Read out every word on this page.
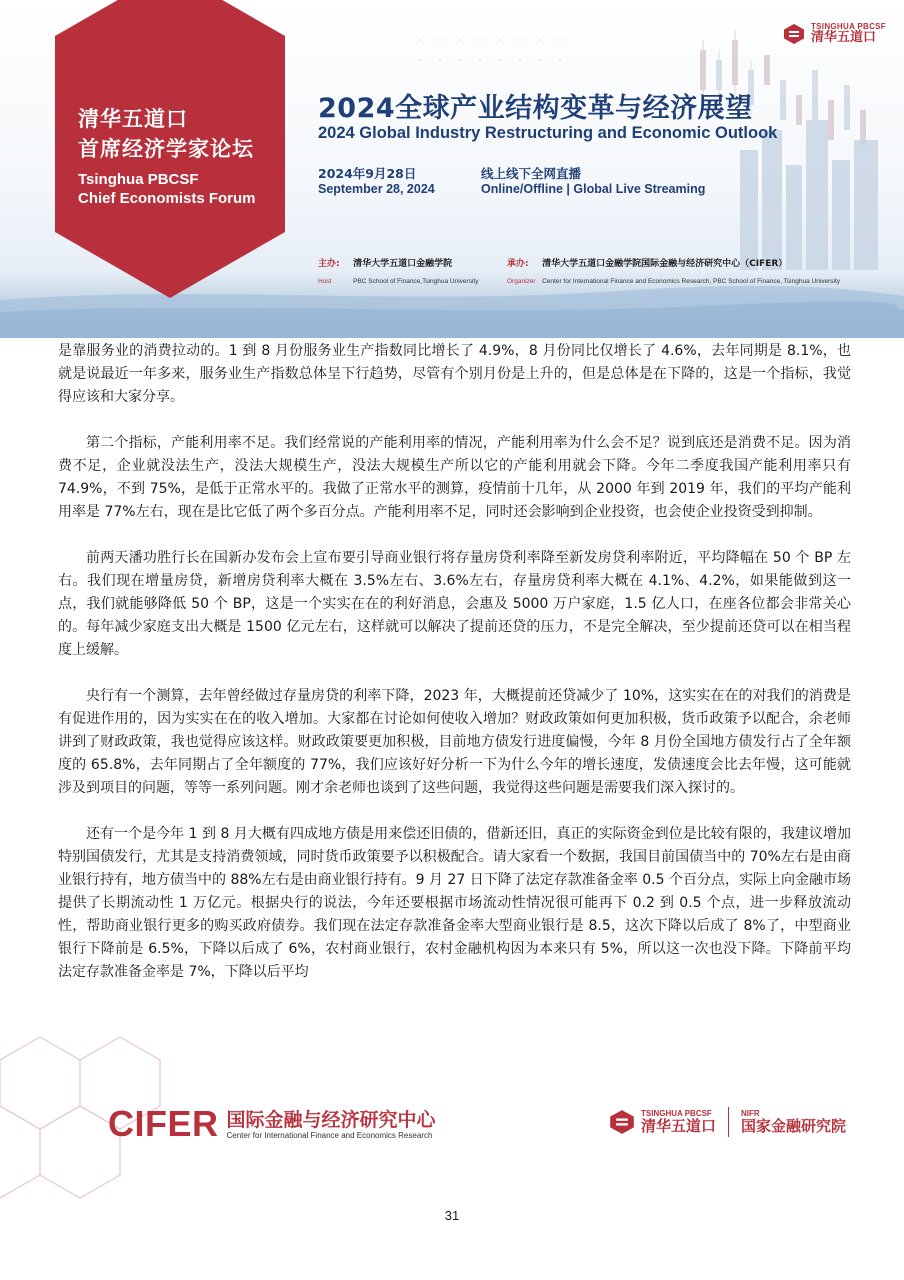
清华五道口
首席经济学家论坛
Tsinghua PBCSF
Chief Economists Forum
TSINGHUA PBCSF
清华五道口
2024全球产业结构变革与经济展望
2024 Global Industry Restructuring and Economic Outlook
2024年9月28日
September 28, 2024
线上线下全网直播
Online/Offline | Global Live Streaming
主办: 清华大学五道口金融学院
Host	PBC School of Finance,Tsinghua University
承办: 清华大学五道口金融学院国际金融与经济研究中心（CIFER）
Organizer Center for International Finance and Economics Research, PBC School of Finance, Tsinghua University

是靠服务业的消费拉动的。1 到 8 月份服务业生产指数同比增长了 4.9%，8 月份同比仅增长了 4.6%，去年同期是 8.1%，也就是说最近一年多来，服务业生产指数总体呈下行趋势，尽管有个别月份是上升的，但是总体是在下降的，这是一个指标，我觉得应该和大家分享。

第二个指标，产能利用率不足。我们经常说的产能利用率的情况，产能利用率为什么会不足？说到底还是消费不足。因为消费不足，企业就没法生产，没法大规模生产，没法大规模生产所以它的产能利用就会下降。今年二季度我国产能利用率只有 74.9%，不到 75%，是低于正常水平的。我做了正常水平的测算，疫情前十几年，从 2000 年到 2019 年，我们的平均产能利用率是 77%左右，现在是比它低了两个多百分点。产能利用率不足，同时还会影响到企业投资，也会使企业投资受到抑制。

前两天潘功胜行长在国新办发布会上宣布要引导商业银行将存量房贷利率降至新发房贷利率附近，平均降幅在 50 个 BP 左右。我们现在增量房贷，新增房贷利率大概在 3.5%左右、3.6%左右，存量房贷利率大概在 4.1%、4.2%，如果能做到这一点，我们就能够降低 50 个 BP，这是一个实实在在的利好消息，会惠及 5000 万户家庭，1.5 亿人口，在座各位都会非常关心的。每年减少家庭支出大概是 1500 亿元左右，这样就可以解决了提前还贷的压力，不是完全解决，至少提前还贷可以在相当程度上缓解。

央行有一个测算，去年曾经做过存量房贷的利率下降，2023 年，大概提前还贷减少了 10%，这实实在在的对我们的消费是有促进作用的，因为实实在在的收入增加。大家都在讨论如何使收入增加？财政政策如何更加积极，货币政策予以配合，余老师讲到了财政政策，我也觉得应该这样。财政政策要更加积极，目前地方债发行进度偏慢，今年 8 月份全国地方债发行占了全年额度的 65.8%，去年同期占了全年额度的 77%，我们应该好好分析一下为什么今年的增长速度，发债速度会比去年慢，这可能就涉及到项目的问题，等等一系列问题。刚才余老师也谈到了这些问题，我觉得这些问题是需要我们深入探讨的。

还有一个是今年 1 到 8 月大概有四成地方债是用来偿还旧债的，借新还旧，真正的实际资金到位是比较有限的，我建议增加特别国债发行，尤其是支持消费领域，同时货币政策要予以积极配合。请大家看一个数据，我国目前国债当中的 70%左右是由商业银行持有，地方债当中的 88%左右是由商业银行持有。9 月 27 日下降了法定存款准备金率 0.5 个百分点，实际上向金融市场提供了长期流动性 1 万亿元。根据央行的说法，今年还要根据市场流动性情况很可能再下 0.2 到 0.5 个点，进一步释放流动性，帮助商业银行更多的购买政府债券。我们现在法定存款准备金率大型商业银行是 8.5，这次下降以后成了 8%了，中型商业银行下降前是 6.5%，下降以后成了 6%，农村商业银行，农村金融机构因为本来只有 5%，所以这一次也没下降。下降前平均法定存款准备金率是 7%，下降以后平均

CIFER 国际金融与经济研究中心
Center for International Finance and Economics Research
TSINGHUA PBCSF
清华五道口
NIFR
国家金融研究院
31
